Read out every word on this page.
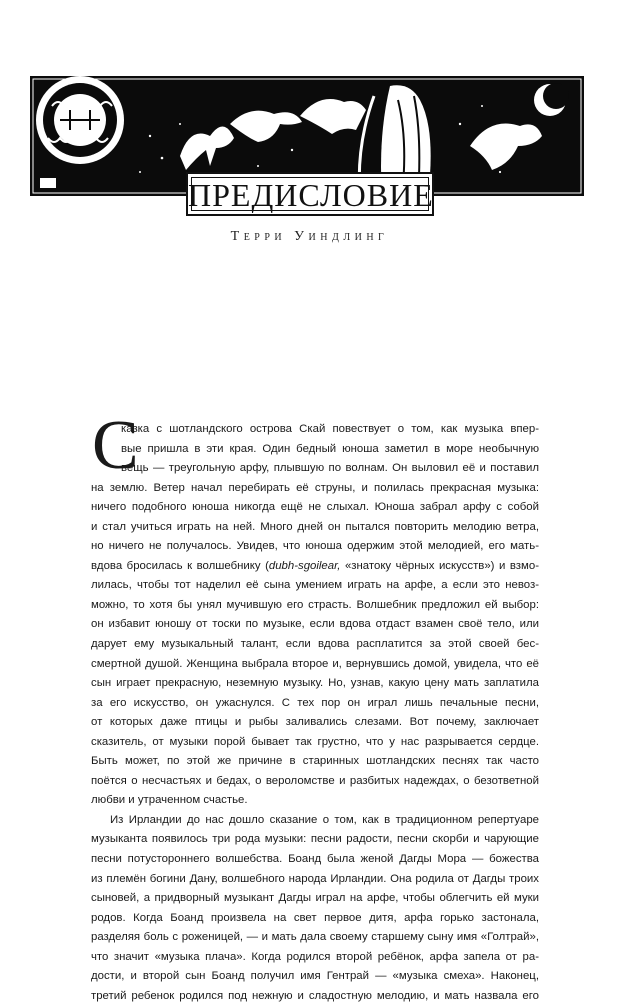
ПРЕДИСЛОВИЕ
Терри Уиндлинг
С
казка с шотландского острова Скай повествует о том, как музыка впер-
вые пришла в эти края. Один бедный юноша заметил в море необычную
вещь — треугольную арфу, плывшую по волнам. Он выловил её и поставил
на землю. Ветер начал перебирать её струны, и полилась прекрасная музыка:
ничего подобного юноша никогда ещё не слыхал. Юноша забрал арфу с собой
и стал учиться играть на ней. Много дней он пытался повторить мелодию ветра,
но ничего не получалось. Увидев, что юноша одержим этой мелодией, его мать-
вдова бросилась к волшебнику (dubh-sgoilear, «знатоку чёрных искусств») и взмо-
лилась, чтобы тот наделил её сына умением играть на арфе, а если это невоз-
можно, то хотя бы унял мучившую его страсть. Волшебник предложил ей выбор:
он избавит юношу от тоски по музыке, если вдова отдаст взамен своё тело, или
дарует ему музыкальный талант, если вдова расплатится за этой своей бес-
смертной душой. Женщина выбрала второе и, вернувшись домой, увидела, что её
сын играет прекрасную, неземную музыку. Но, узнав, какую цену мать заплатила
за его искусство, он ужаснулся. С тех пор он играл лишь печальные песни,
от которых даже птицы и рыбы заливались слезами. Вот почему, заключает
сказитель, от музыки порой бывает так грустно, что у нас разрывается сердце.
Быть может, по этой же причине в старинных шотландских песнях так часто
поётся о несчастьях и бедах, о вероломстве и разбитых надеждах, о безответной
любви и утраченном счастье.
Из Ирландии до нас дошло сказание о том, как в традиционном репертуаре
музыканта появилось три рода музыки: песни радости, песни скорби и чарующие
песни потустороннего волшебства. Боанд была женой Дагды Мора — божества
из племён богини Дану, волшебного народа Ирландии. Она родила от Дагды троих
сыновей, а придворный музыкант Дагды играл на арфе, чтобы облегчить ей муки
родов. Когда Боанд произвела на свет первое дитя, арфа горько застонала,
разделяя боль с роженицей, — и мать дала своему старшему сыну имя «Голтрай»,
что значит «музыка плача». Когда родился второй ребёнок, арфа запела от ра-
дости, и второй сын Боанд получил имя Гентрай — «музыка смеха». Наконец,
третий ребенок родился под нежную и сладостную мелодию, и мать назвала его
